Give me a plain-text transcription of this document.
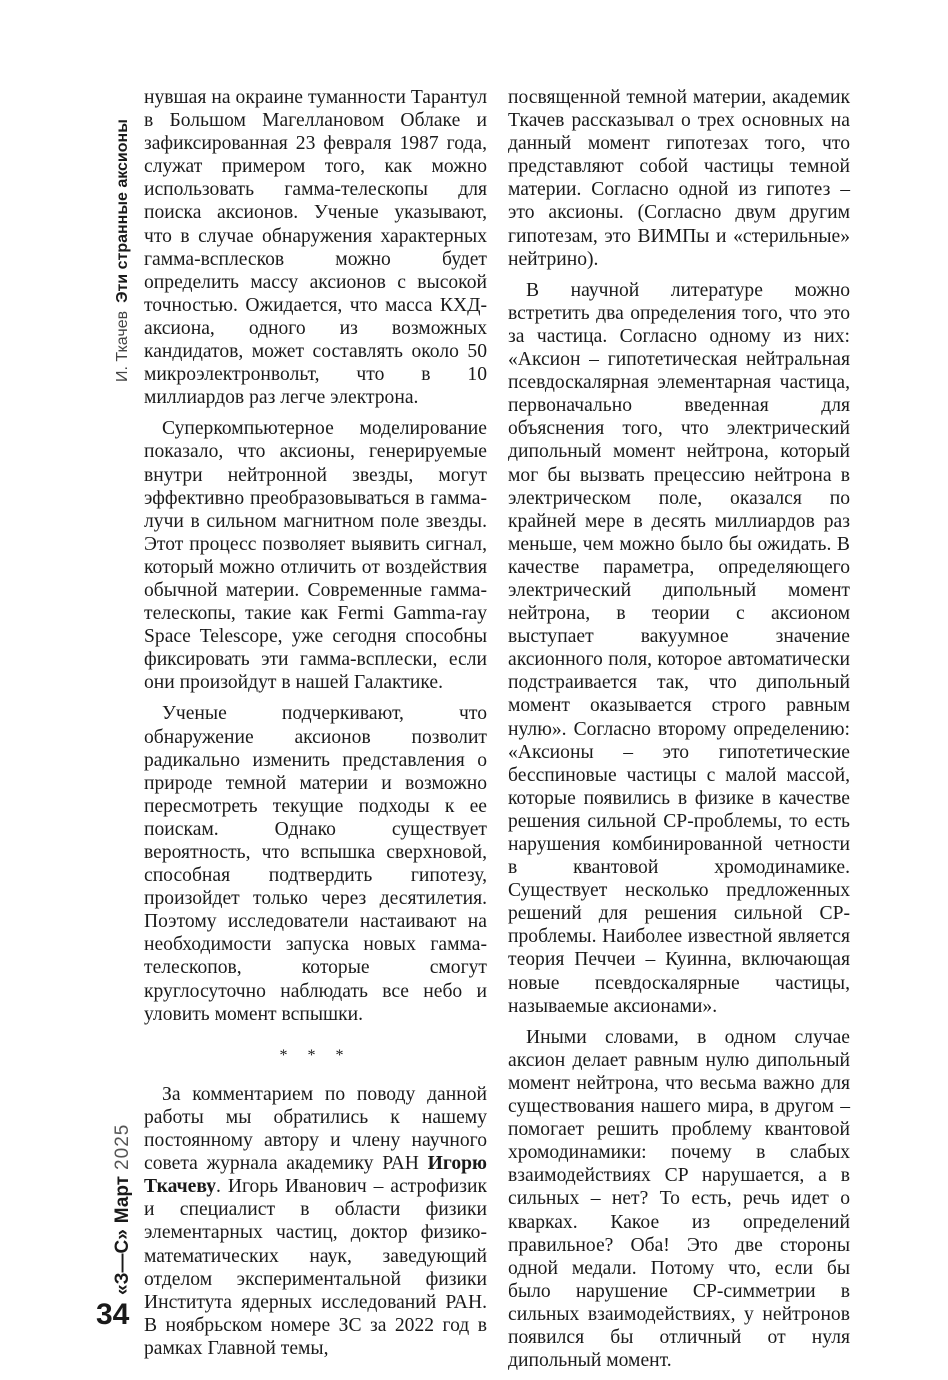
И. ТкачевЭти странные аксионы

нувшая на окраине туманности Тарантул в Большом Магеллановом Облаке и зафиксированная 23 февраля 1987 года, служат примером того, как можно использовать гамма-телескопы для поиска аксионов. Ученые указывают, что в случае обнаружения характерных гамма-всплесков можно будет определить массу аксионов с высокой точностью. Ожидается, что масса КХД-аксиона, одного из возможных кандидатов, может составлять около 50 микроэлектронвольт, что в 10 миллиардов раз легче электрона.

Суперкомпьютерное моделирование показало, что аксионы, генерируемые внутри нейтронной звезды, могут эффективно преобразовываться в гамма-лучи в сильном магнитном поле звезды. Этот процесс позволяет выявить сигнал, который можно отличить от воздействия обычной материи. Современные гамма-телескопы, такие как Fermi Gamma-ray Space Telescope, уже сегодня способны фиксировать эти гамма-всплески, если они произойдут в нашей Галактике.

Ученые подчеркивают, что обнаружение аксионов позволит радикально изменить представления о природе темной материи и возможно пересмотреть текущие подходы к ее поискам. Однако существует вероятность, что вспышка сверхновой, способная подтвердить гипотезу, произойдет только через десятилетия. Поэтому исследователи настаивают на необходимости запуска новых гамма-телескопов, которые смогут круглосуточно наблюдать все небо и уловить момент вспышки.

* * *

За комментарием по поводу данной работы мы обратились к нашему постоянному автору и члену научного совета журнала академику РАН Игорю Ткачеву. Игорь Иванович – астрофизик и специалист в области физики элементарных частиц, доктор физико-математических наук, заведующий отделом экспериментальной физики Института ядерных исследований РАН. В ноябрьском номере ЗС за 2022 год в рамках Главной темы,

посвященной темной материи, академик Ткачев рассказывал о трех основных на данный момент гипотезах того, что представляют собой частицы темной материи. Согласно одной из гипотез – это аксионы. (Согласно двум другим гипотезам, это ВИМПы и «стерильные» нейтрино).

В научной литературе можно встретить два определения того, что это за частица. Согласно одному из них: «Аксион – гипотетическая нейтральная псевдоскалярная элементарная частица, первоначально введенная для объяснения того, что электрический дипольный момент нейтрона, который мог бы вызвать прецессию нейтрона в электрическом поле, оказался по крайней мере в десять миллиардов раз меньше, чем можно было бы ожидать. В качестве параметра, определяющего электрический дипольный момент нейтрона, в теории с аксионом выступает вакуумное значение аксионного поля, которое автоматически подстраивается так, что дипольный момент оказывается строго равным нулю». Согласно второму определению: «Аксионы – это гипотетические бесспиновые частицы с малой массой, которые появились в физике в качестве решения сильной CP-проблемы, то есть нарушения комбинированной четности в квантовой хромодинамике. Существует несколько предложенных решений для решения сильной CP-проблемы. Наиболее известной является теория Печчеи – Куинна, включающая новые псевдоскалярные частицы, называемые аксионами».

Иными словами, в одном случае аксион делает равным нулю дипольный момент нейтрона, что весьма важно для существования нашего мира, в другом – помогает решить проблему квантовой хромодинамики: почему в слабых взаимодействиях CP нарушается, а в сильных – нет? То есть, речь идет о кварках. Какое из определений правильное? Оба! Это две стороны одной медали. Потому что, если бы было нарушение CP-симметрии в сильных взаимодействиях, у нейтронов появился бы отличный от нуля дипольный момент.

«З—С»Март2025
34
